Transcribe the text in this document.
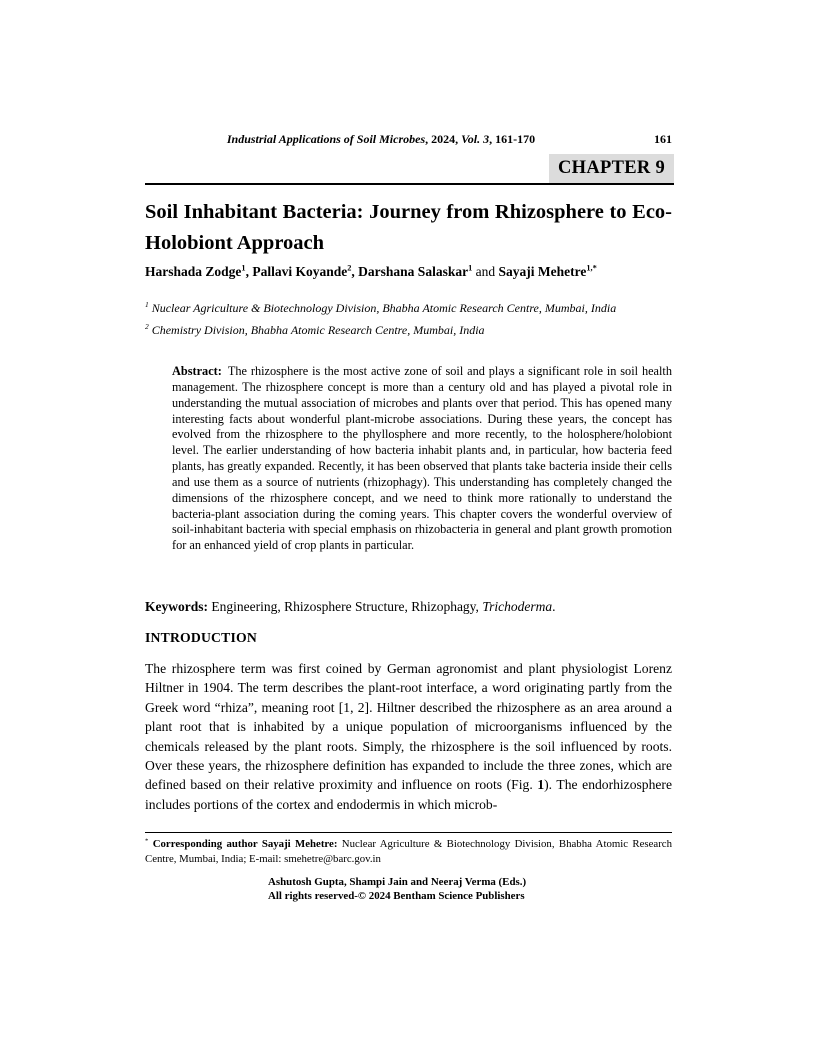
Industrial Applications of Soil Microbes, 2024, Vol. 3, 161-170	161
CHAPTER 9
Soil Inhabitant Bacteria: Journey from Rhizosphere to Eco-Holobiont Approach
Harshada Zodge$^1$, Pallavi Koyande$^2$, Darshana Salaskar$^1$ and Sayaji Mehetre$^{1,*}$
$^1$ Nuclear Agriculture & Biotechnology Division, Bhabha Atomic Research Centre, Mumbai, India
$^2$ Chemistry Division, Bhabha Atomic Research Centre, Mumbai, India
Abstract: The rhizosphere is the most active zone of soil and plays a significant role in soil health management. The rhizosphere concept is more than a century old and has played a pivotal role in understanding the mutual association of microbes and plants over that period. This has opened many interesting facts about wonderful plant-microbe associations. During these years, the concept has evolved from the rhizosphere to the phyllosphere and more recently, to the holosphere/holobiont level. The earlier understanding of how bacteria inhabit plants and, in particular, how bacteria feed plants, has greatly expanded. Recently, it has been observed that plants take bacteria inside their cells and use them as a source of nutrients (rhizophagy). This understanding has completely changed the dimensions of the rhizosphere concept, and we need to think more rationally to understand the bacteria-plant association during the coming years. This chapter covers the wonderful overview of soil-inhabitant bacteria with special emphasis on rhizobacteria in general and plant growth promotion for an enhanced yield of crop plants in particular.
Keywords: Engineering, Rhizosphere Structure, Rhizophagy, Trichoderma.
INTRODUCTION

The rhizosphere term was first coined by German agronomist and plant physiologist Lorenz Hiltner in 1904. The term describes the plant-root interface, a word originating partly from the Greek word “rhiza”, meaning root [1, 2]. Hiltner described the rhizosphere as an area around a plant root that is inhabited by a unique population of microorganisms influenced by the chemicals released by the plant roots. Simply, the rhizosphere is the soil influenced by roots. Over these years, the rhizosphere definition has expanded to include the three zones, which are defined based on their relative proximity and influence on roots (Fig. 1). The endorhizosphere includes portions of the cortex and endodermis in which microb-

* Corresponding author Sayaji Mehetre: Nuclear Agriculture & Biotechnology Division, Bhabha Atomic Research Centre, Mumbai, India; E-mail: smehetre@barc.gov.in
Ashutosh Gupta, Shampi Jain and Neeraj Verma (Eds.)
All rights reserved-© 2024 Bentham Science Publishers
